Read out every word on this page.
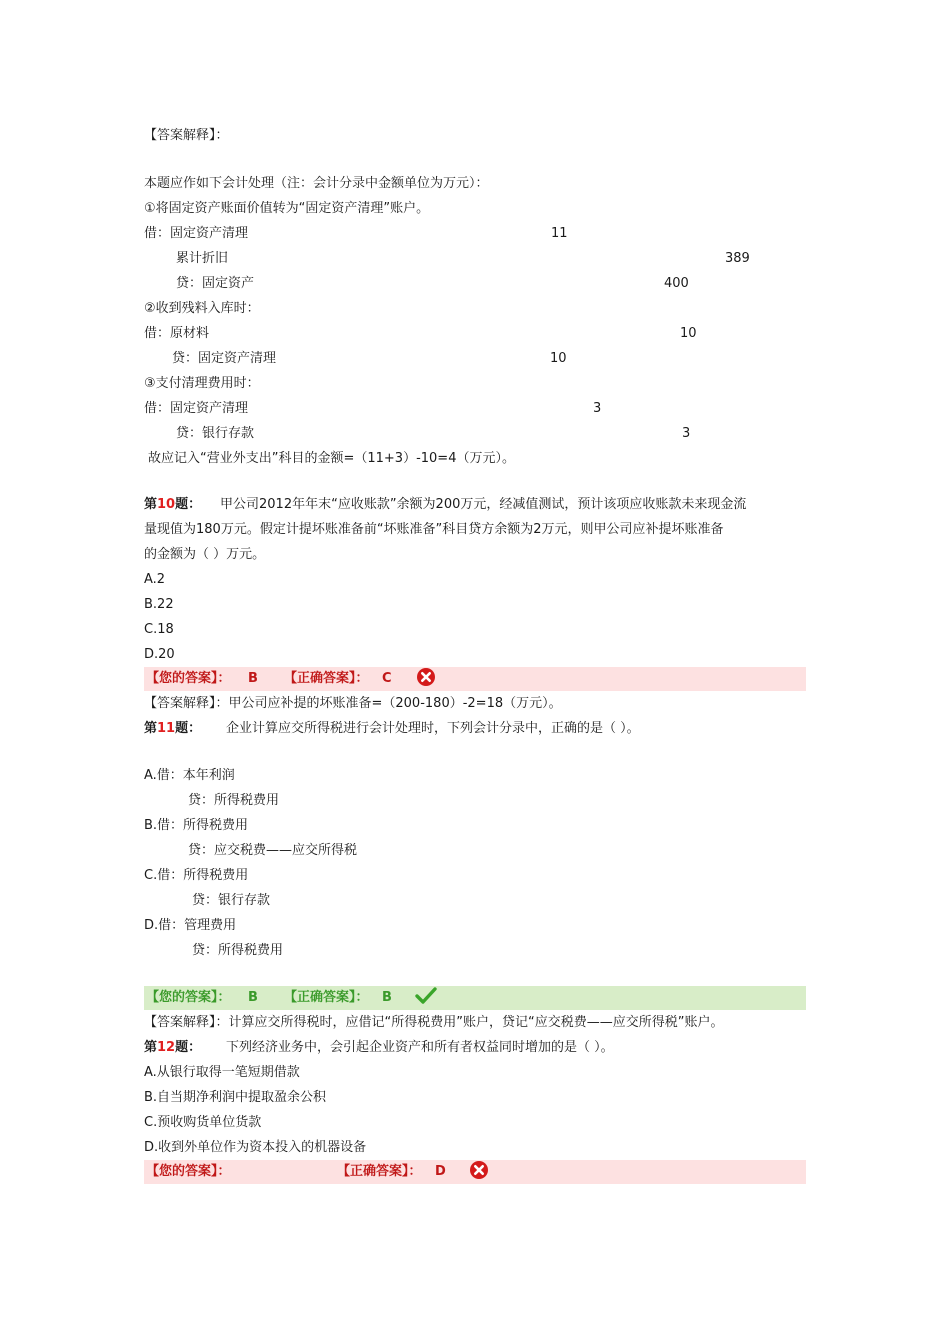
【答案解释】：
本题应作如下会计处理（注：会计分录中金额单位为万元）：
①将固定资产账面价值转为“固定资产清理”账户。
借：固定资产清理	11
累计折旧	389
贷：固定资产	400
②收到残料入库时：
借：原材料	10
贷：固定资产清理	10
③支付清理费用时：
借：固定资产清理	3
贷：银行存款	3
故应记入“营业外支出”科目的金额=（11+3）-10=4（万元）。
第10题： 甲公司2012年年末“应收账款”余额为200万元，经减值测试，预计该项应收账款未来现金流
量现值为180万元。假定计提坏账准备前“坏账准备”科目贷方余额为2万元，则甲公司应补提坏账准备
的金额为（ ）万元。
A.2
B.22
C.18
D.20
【您的答案】： B 【正确答案】： C
【答案解释】：甲公司应补提的坏账准备=（200-180）-2=18（万元）。
第11题： 企业计算应交所得税进行会计处理时，下列会计分录中，正确的是（ ）。
A.借：本年利润
贷：所得税费用
B.借：所得税费用
贷：应交税费——应交所得税
C.借：所得税费用
贷：银行存款
D.借：管理费用
贷：所得税费用
【您的答案】： B 【正确答案】： B
【答案解释】：计算应交所得税时，应借记“所得税费用”账户，贷记“应交税费——应交所得税”账户。
第12题： 下列经济业务中，会引起企业资产和所有者权益同时增加的是（ ）。
A.从银行取得一笔短期借款
B.自当期净利润中提取盈余公积
C.预收购货单位货款
D.收到外单位作为资本投入的机器设备
【您的答案】：	【正确答案】： D
